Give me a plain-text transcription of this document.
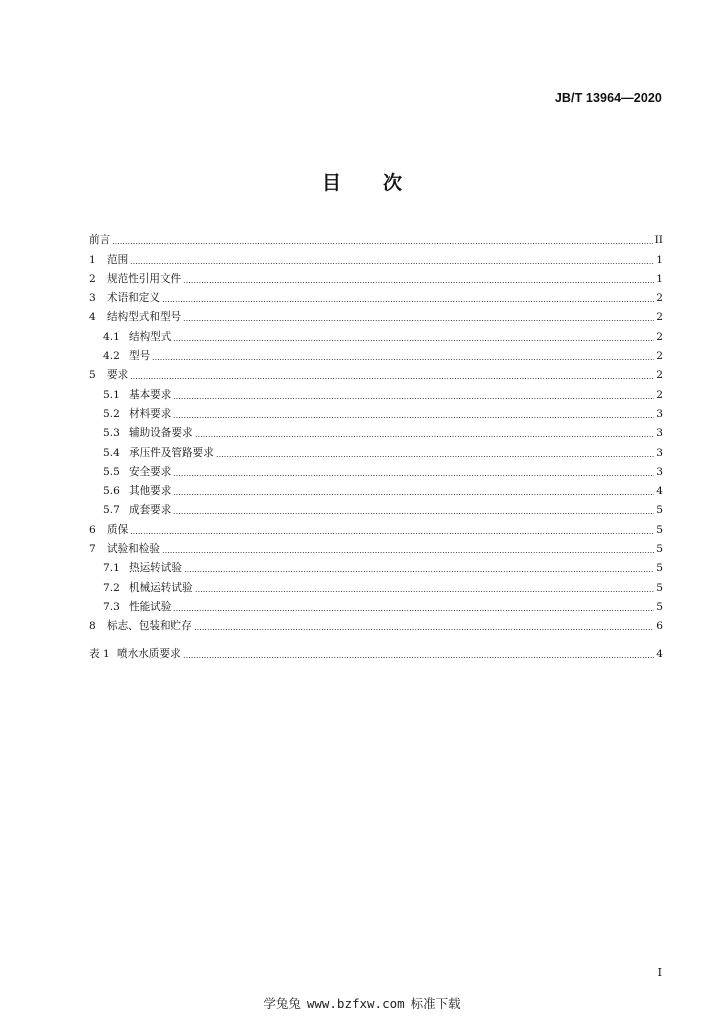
JB/T 13964—2020
目 次
前言	II
1	范围	1
2	规范性引用文件	1
3	术语和定义	2
4	结构型式和型号	2
4.1 结构型式	2
4.2 型号	2
5	要求	2
5.1 基本要求	2
5.2 材料要求	3
5.3 辅助设备要求	3
5.4 承压件及管路要求	3
5.5 安全要求	3
5.6 其他要求	4
5.7 成套要求	5
6	质保	5
7	试验和检验	5
7.1 热运转试验	5
7.2 机械运转试验	5
7.3 性能试验	5
8	标志、包装和贮存	6
表 1 喷水水质要求	4
I
学兔兔 www.bzfxw.com 标准下载
